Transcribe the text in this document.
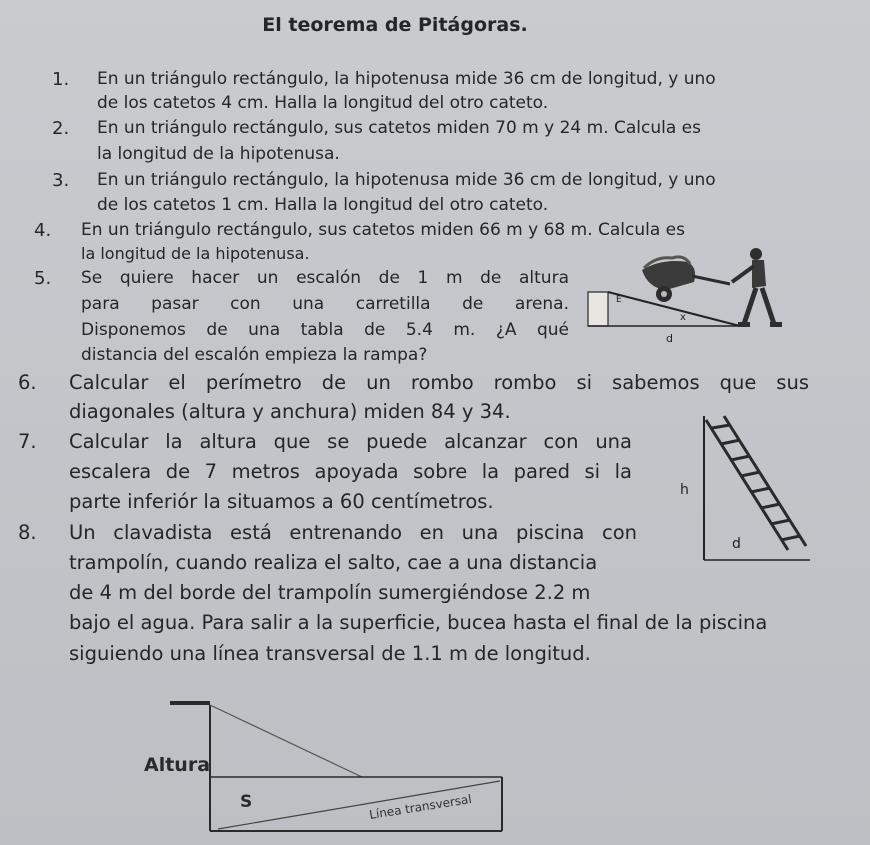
El teorema de Pitágoras.
1. En un triángulo rectángulo, la hipotenusa mide 36 cm de longitud, y uno
de los catetos 4 cm. Halla la longitud del otro cateto.
2. En un triángulo rectángulo, sus catetos miden 70 m y 24 m. Calcula es
la longitud de la hipotenusa.
3. En un triángulo rectángulo, la hipotenusa mide 36 cm de longitud, y uno
de los catetos 1 cm. Halla la longitud del otro cateto.
4. En un triángulo rectángulo, sus catetos miden 66 m y 68 m. Calcula es
la longitud de la hipotenusa.
5. Se quiere hacer un escalón de 1 m de altura
para pasar con una carretilla de arena.
Disponemos de una tabla de 5.4 m. ¿A qué
distancia del escalón empieza la rampa?
6. Calcular el perímetro de un rombo rombo si sabemos que sus
diagonales (altura y anchura) miden 84 y 34.
7. Calcular la altura que se puede alcanzar con una
escalera de 7 metros apoyada sobre la pared si la
parte inferiór la situamos a 60 centímetros.
8. Un clavadista está entrenando en una piscina con
trampolín, cuando realiza el salto, cae a una distancia
de 4 m del borde del trampolín sumergiéndose 2.2 m
bajo el agua. Para salir a la superficie, bucea hasta el final de la piscina
siguiendo una línea transversal de 1.1 m de longitud.
E
x
d
h
d
Altura
S	Línea transversal
